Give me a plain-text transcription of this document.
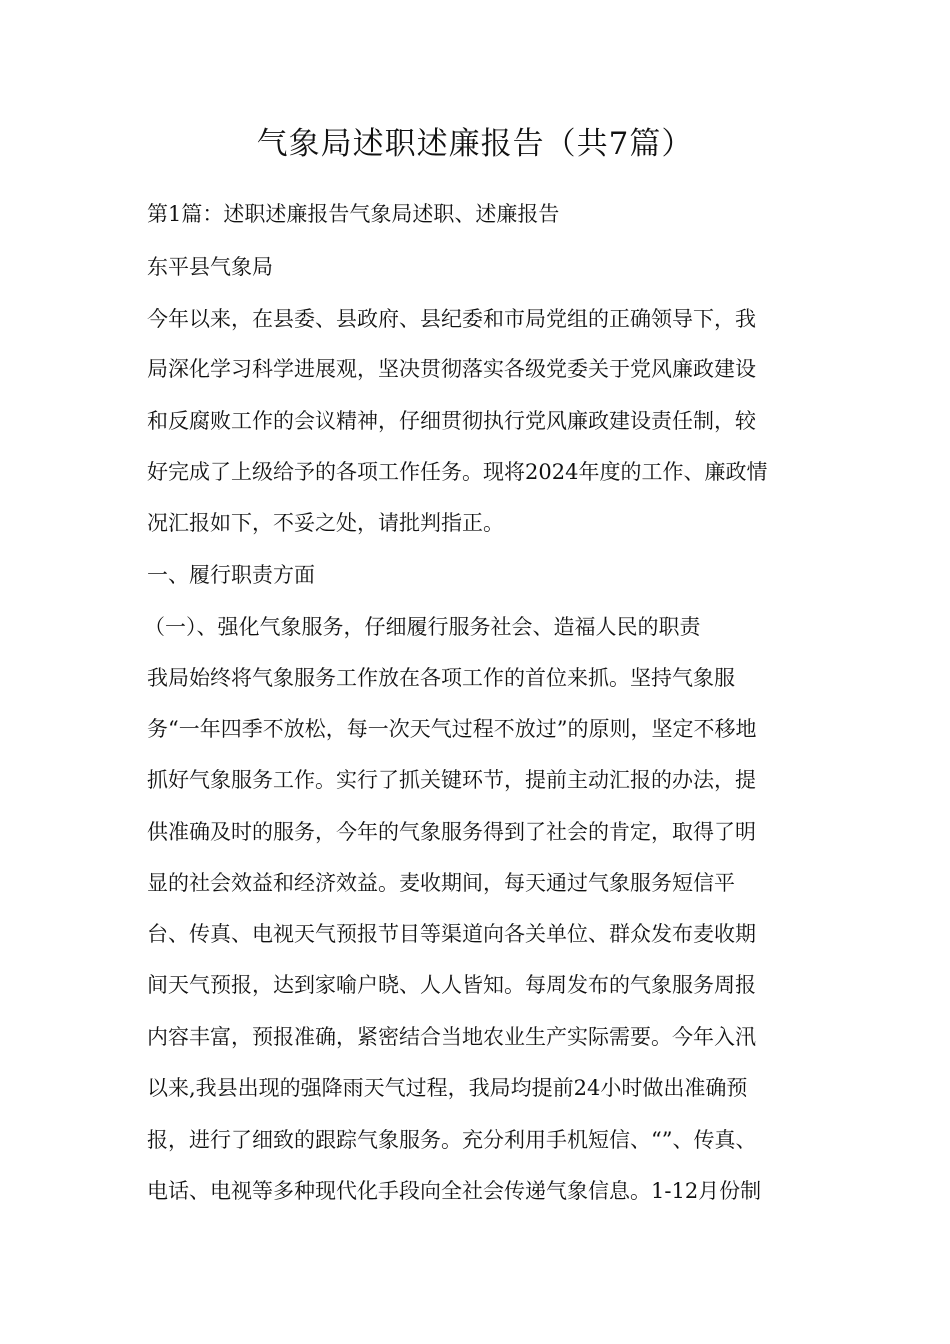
气象局述职述廉报告（共7篇）
第1篇：述职述廉报告气象局述职、述廉报告
东平县气象局
今年以来，在县委、县政府、县纪委和市局党组的正确领导下，我
局深化学习科学进展观，坚决贯彻落实各级党委关于党风廉政建设
和反腐败工作的会议精神，仔细贯彻执行党风廉政建设责任制，较
好完成了上级给予的各项工作任务。现将2024年度的工作、廉政情
况汇报如下，不妥之处，请批判指正。
一、履行职责方面
（一）、强化气象服务，仔细履行服务社会、造福人民的职责
我局始终将气象服务工作放在各项工作的首位来抓。坚持气象服
务“一年四季不放松，每一次天气过程不放过”的原则，坚定不移地
抓好气象服务工作。实行了抓关键环节，提前主动汇报的办法，提
供准确及时的服务，今年的气象服务得到了社会的肯定，取得了明
显的社会效益和经济效益。麦收期间，每天通过气象服务短信平
台、传真、电视天气预报节目等渠道向各关单位、群众发布麦收期
间天气预报，达到家喻户晓、人人皆知。每周发布的气象服务周报
内容丰富，预报准确，紧密结合当地农业生产实际需要。今年入汛
以来,我县出现的强降雨天气过程，我局均提前24小时做出准确预
报，进行了细致的跟踪气象服务。充分利用手机短信、“”、传真、
电话、电视等多种现代化手段向全社会传递气象信息。1-12月份制
